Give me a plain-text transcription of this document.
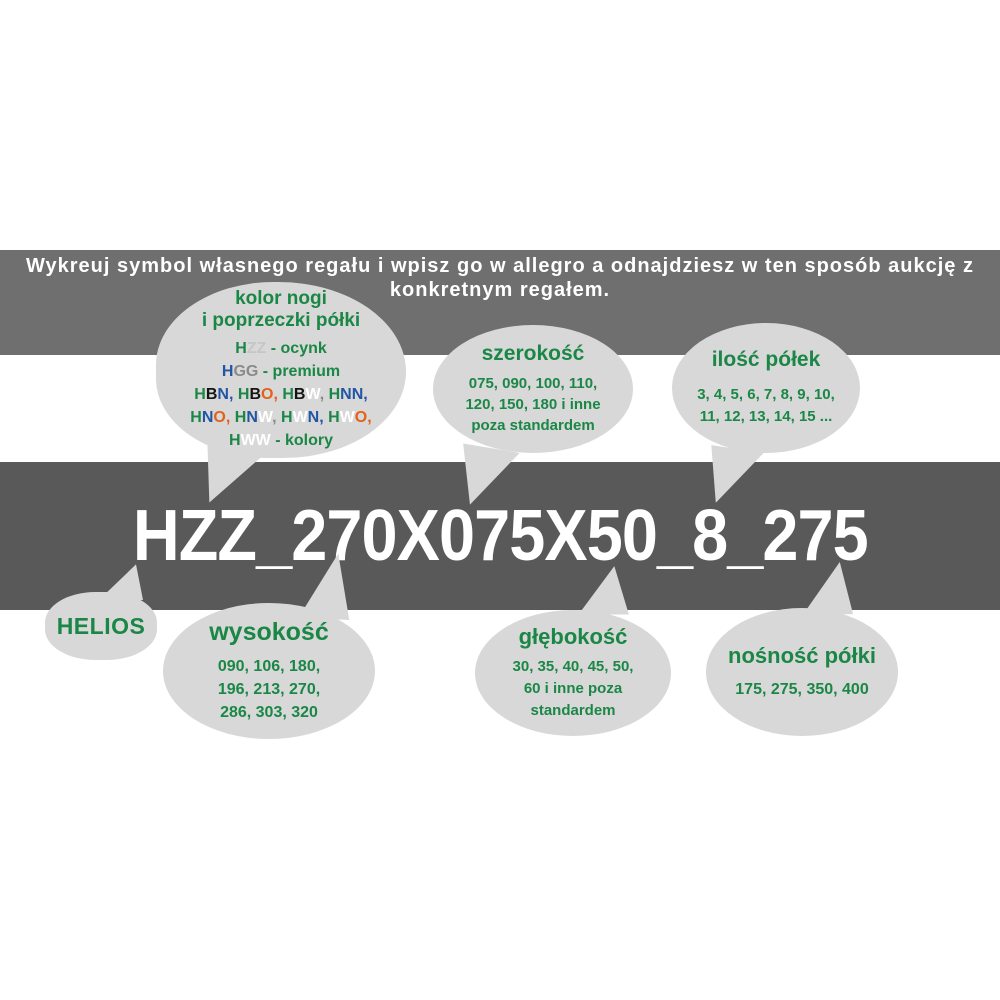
Wykreuj symbol własnego regału i wpisz go w allegro a odnajdziesz w ten sposób aukcję z
konkretnym regałem.
HZZ_270X075X50_8_275
kolor nogi
i poprzeczki półki
HZZ - ocynk
HGG - premium
HBN, HBO, HBW, HNN,
HNO, HNW, HWN, HWO,
HWW - kolory
szerokość
075, 090, 100, 110,
120, 150, 180 i inne
poza standardem
ilość półek
3, 4, 5, 6, 7, 8, 9, 10,
11, 12, 13, 14, 15 ...
HELIOS	wysokość
090, 106, 180,
196, 213, 270,
286, 303, 320
głębokość
30, 35, 40, 45, 50,
60 i inne poza
standardem
nośność półki
175, 275, 350, 400
